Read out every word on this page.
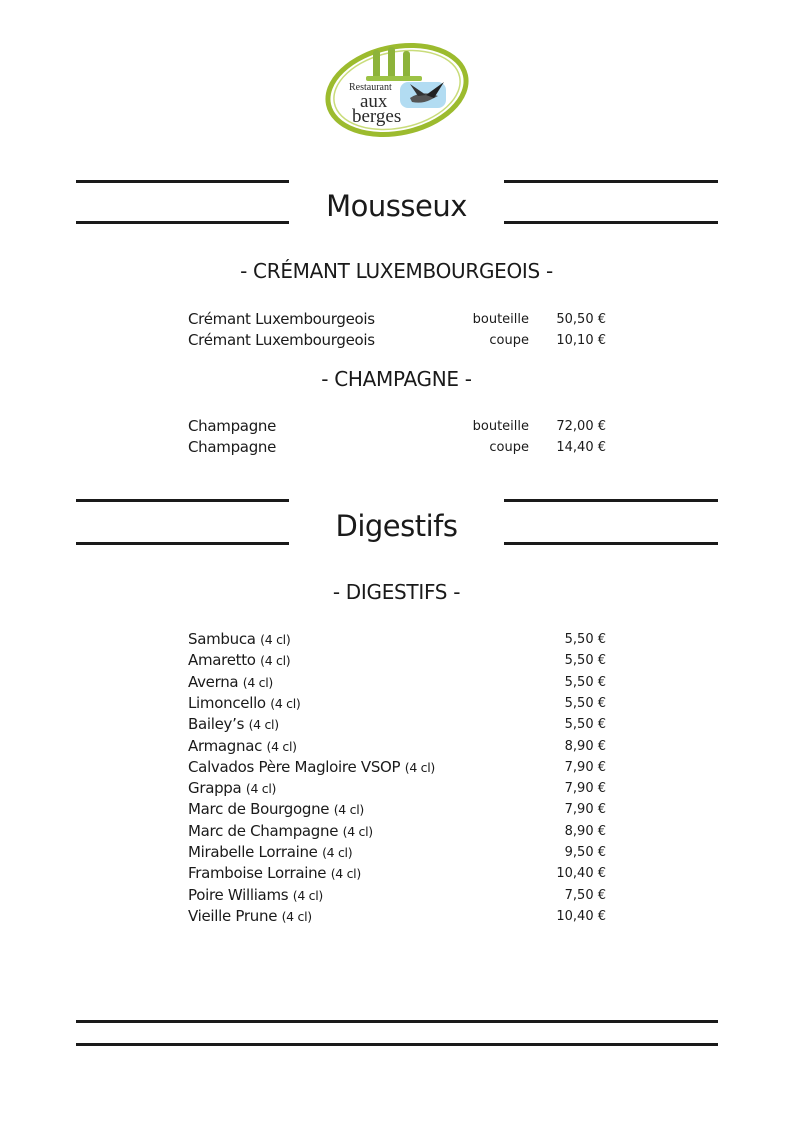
Restaurant
aux
berges
Mousseux
- CRÉMANT LUXEMBOURGEOIS -
Crémant Luxembourgeois	bouteille 50,50 €
Crémant Luxembourgeois	coupe 10,10 €
- CHAMPAGNE -
Champagne	bouteille 72,00 €
Champagne	coupe 14,40 €
Digestifs
- DIGESTIFS -
Sambuca (4 cl)	5,50 €
Amaretto (4 cl)	5,50 €
Averna (4 cl)	5,50 €
Limoncello (4 cl)	5,50 €
Bailey’s (4 cl)	5,50 €
Armagnac (4 cl)	8,90 €
Calvados Père Magloire VSOP (4 cl)	7,90 €
Grappa (4 cl)	7,90 €
Marc de Bourgogne (4 cl)	7,90 €
Marc de Champagne (4 cl)	8,90 €
Mirabelle Lorraine (4 cl)	9,50 €
Framboise Lorraine (4 cl)	10,40 €
Poire Williams (4 cl)	7,50 €
Vieille Prune (4 cl)	10,40 €
